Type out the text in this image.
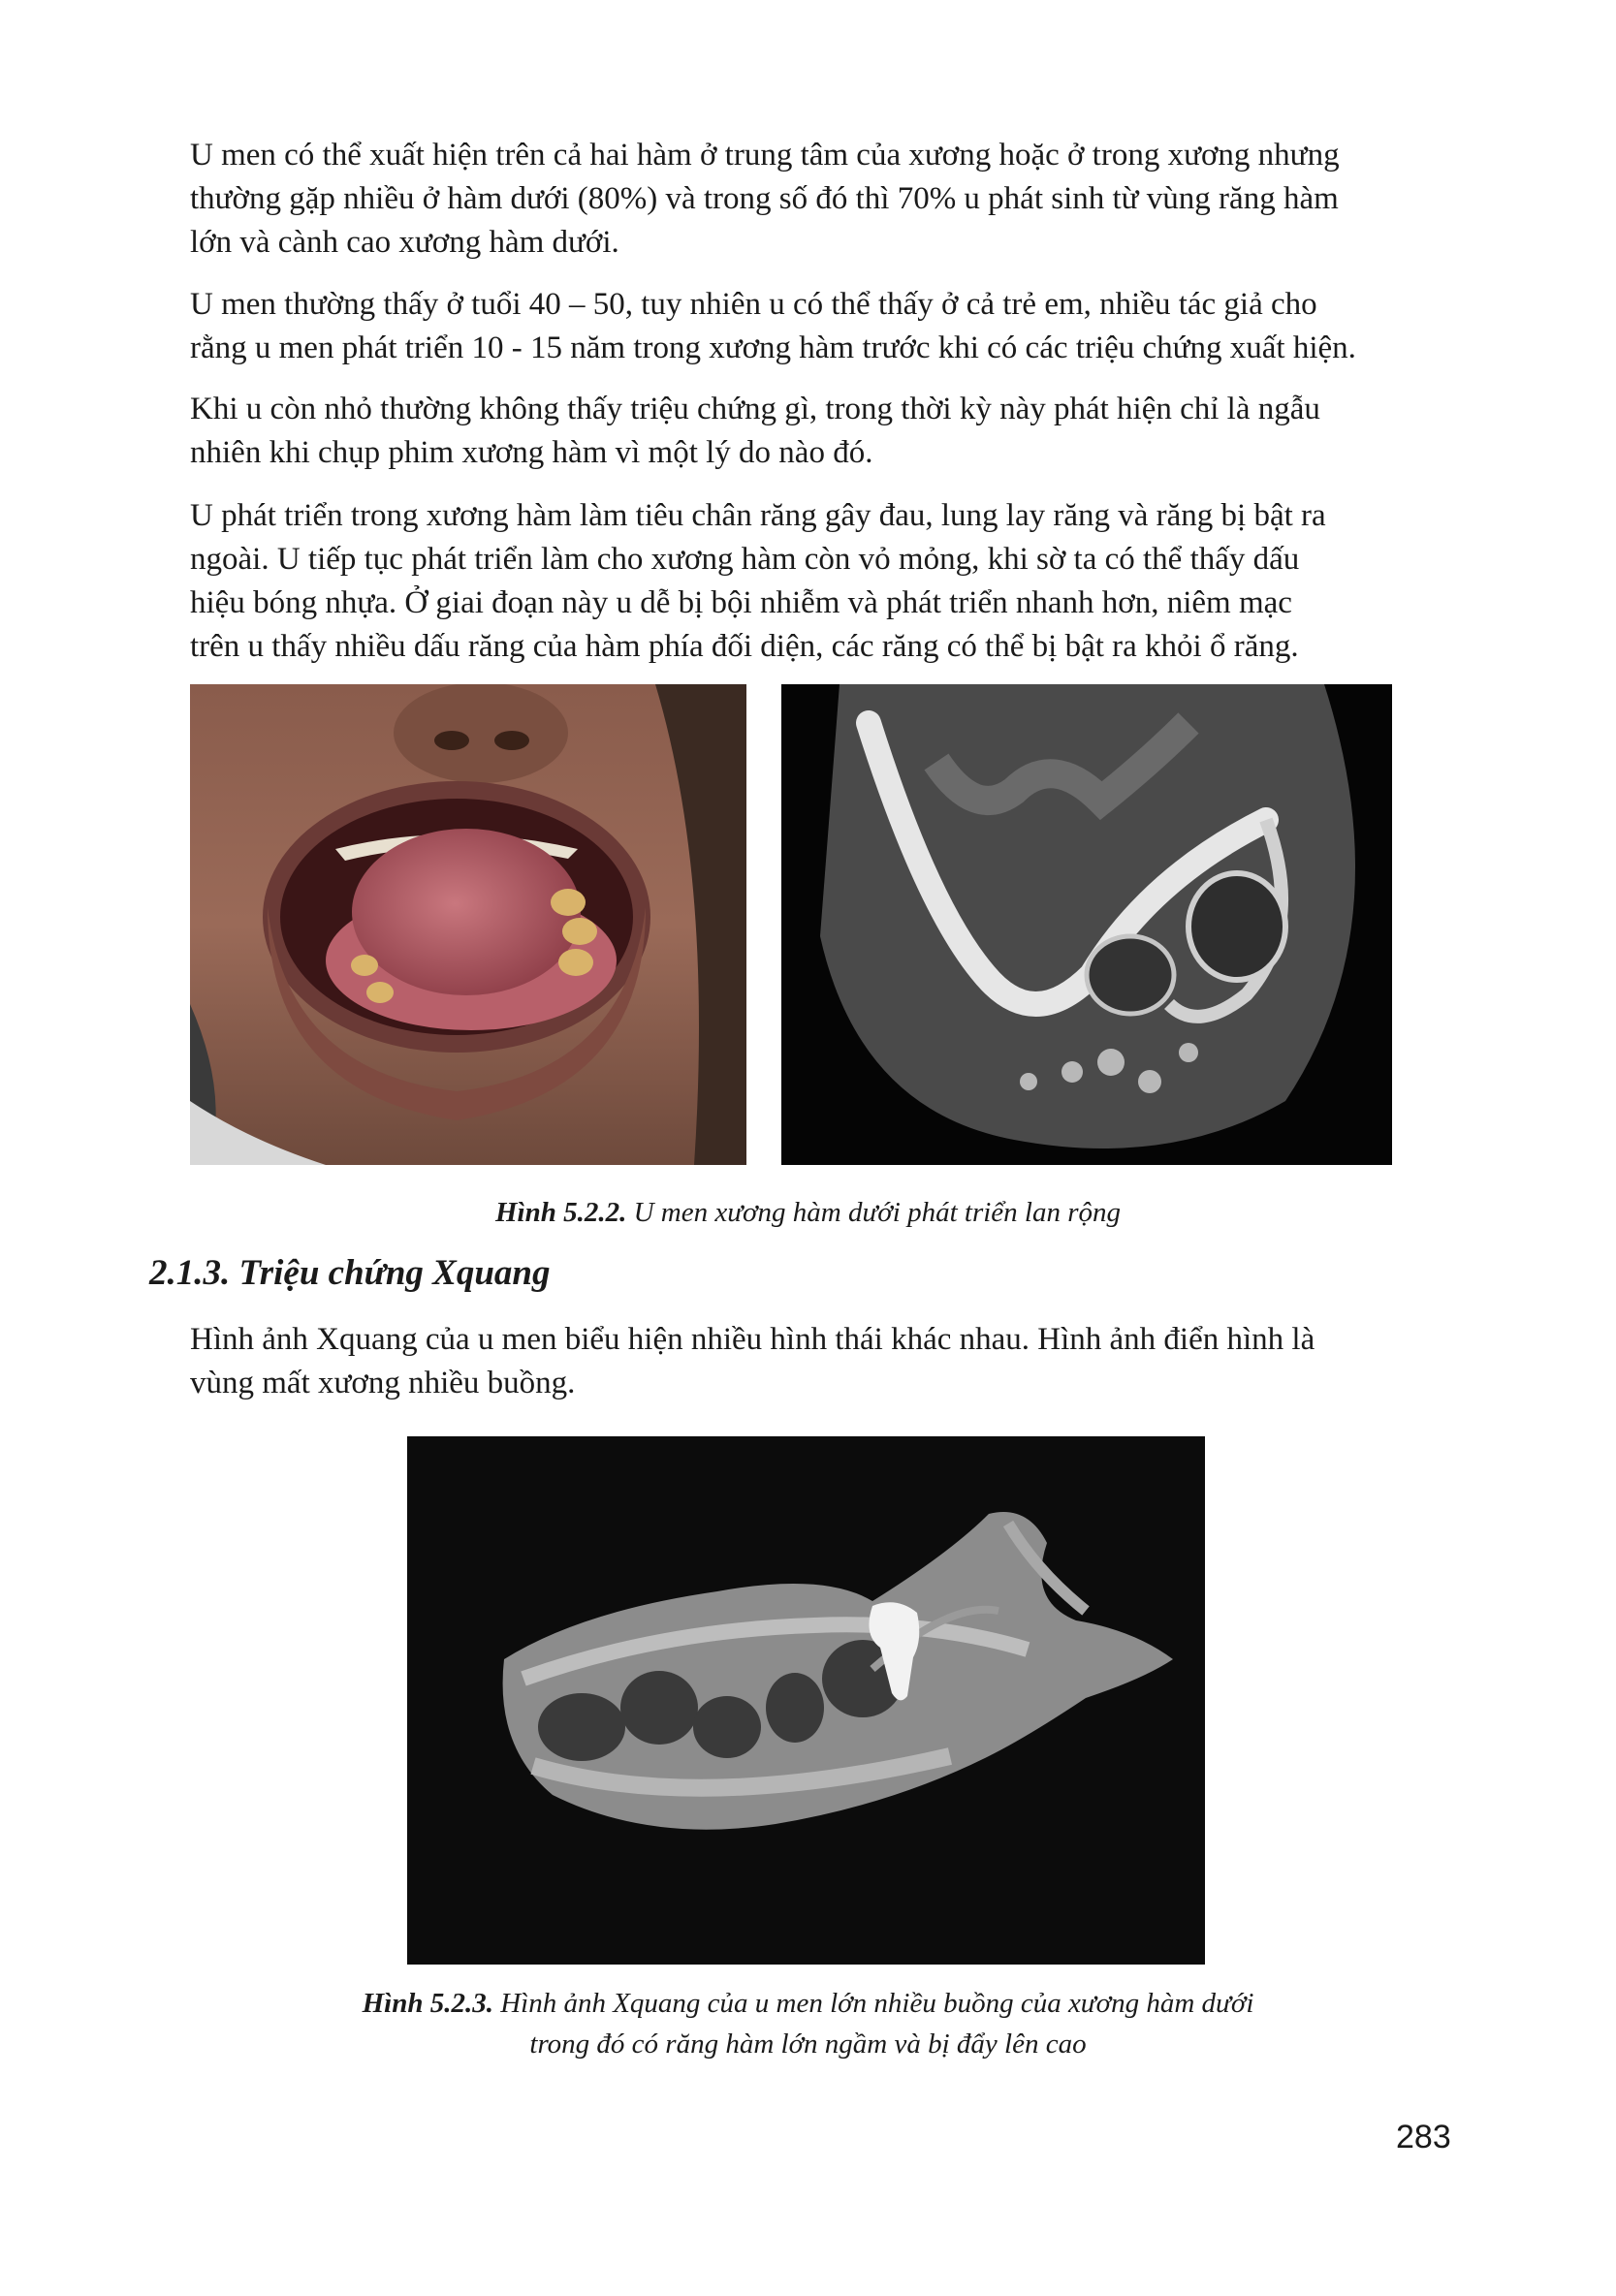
U men có thể xuất hiện trên cả hai hàm ở trung tâm của xương hoặc ở trong xương nhưng
thường gặp nhiều ở hàm dưới (80%) và trong số đó thì 70% u phát sinh từ vùng răng hàm
lớn và cành cao xương hàm dưới.

U men thường thấy ở tuổi 40 – 50, tuy nhiên u có thể thấy ở cả trẻ em, nhiều tác giả cho
rằng u men phát triển 10 - 15 năm trong xương hàm trước khi có các triệu chứng xuất hiện.

Khi u còn nhỏ thường không thấy triệu chứng gì, trong thời kỳ này phát hiện chỉ là ngẫu
nhiên khi chụp phim xương hàm vì một lý do nào đó.

U phát triển trong xương hàm làm tiêu chân răng gây đau, lung lay răng và răng bị bật ra
ngoài. U tiếp tục phát triển làm cho xương hàm còn vỏ mỏng, khi sờ ta có thể thấy dấu
hiệu bóng nhựa. Ở giai đoạn này u dễ bị bội nhiễm và phát triển nhanh hơn, niêm mạc
trên u thấy nhiều dấu răng của hàm phía đối diện, các răng có thể bị bật ra khỏi ổ răng.

Hình 5.2.2. U men xương hàm dưới phát triển lan rộng

2.1.3. Triệu chứng Xquang

Hình ảnh Xquang của u men biểu hiện nhiều hình thái khác nhau. Hình ảnh điển hình là
vùng mất xương nhiều buồng.

Hình 5.2.3. Hình ảnh Xquang của u men lớn nhiều buồng của xương hàm dưới
trong đó có răng hàm lớn ngầm và bị đẩy lên cao

283
